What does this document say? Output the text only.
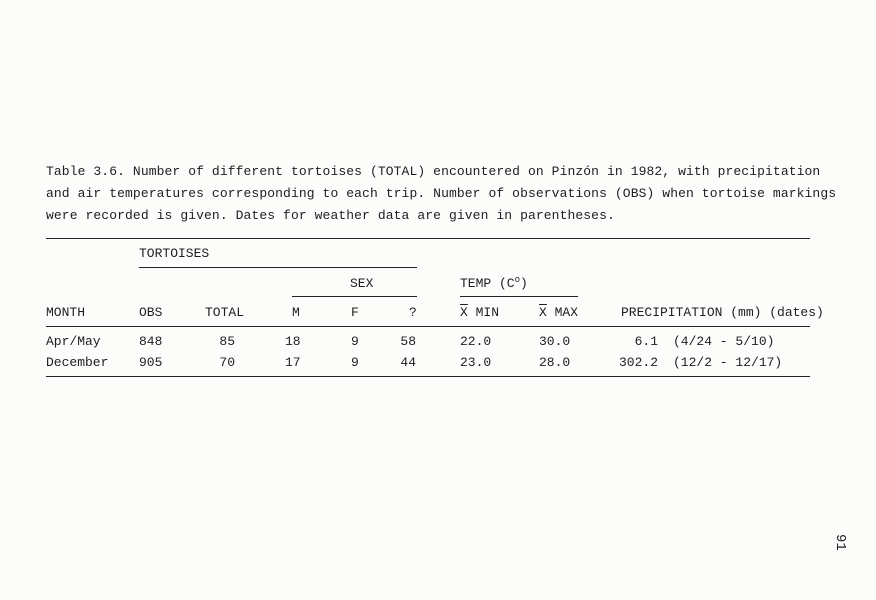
Table 3.6. Number of different tortoises (TOTAL) encountered on Pinzón in 1982, with precipitation
and air temperatures corresponding to each trip. Number of observations (OBS) when tortoise markings
were recorded is given. Dates for weather data are given in parentheses.
TORTOISES
SEX	TEMP $(C^o)$
MONTH	OBS	TOTAL	M	F	?	$\overline{X}$ MIN	$\overline{X}$ MAX	PRECIPITATION (mm) (dates)
Apr/May	848	85	18	9	58	22.0	30.0	6.1 (4/24 - 5/10)
December 905	70	17	9	44	23.0	28.0	302.2 (12/2 - 12/17)
91
